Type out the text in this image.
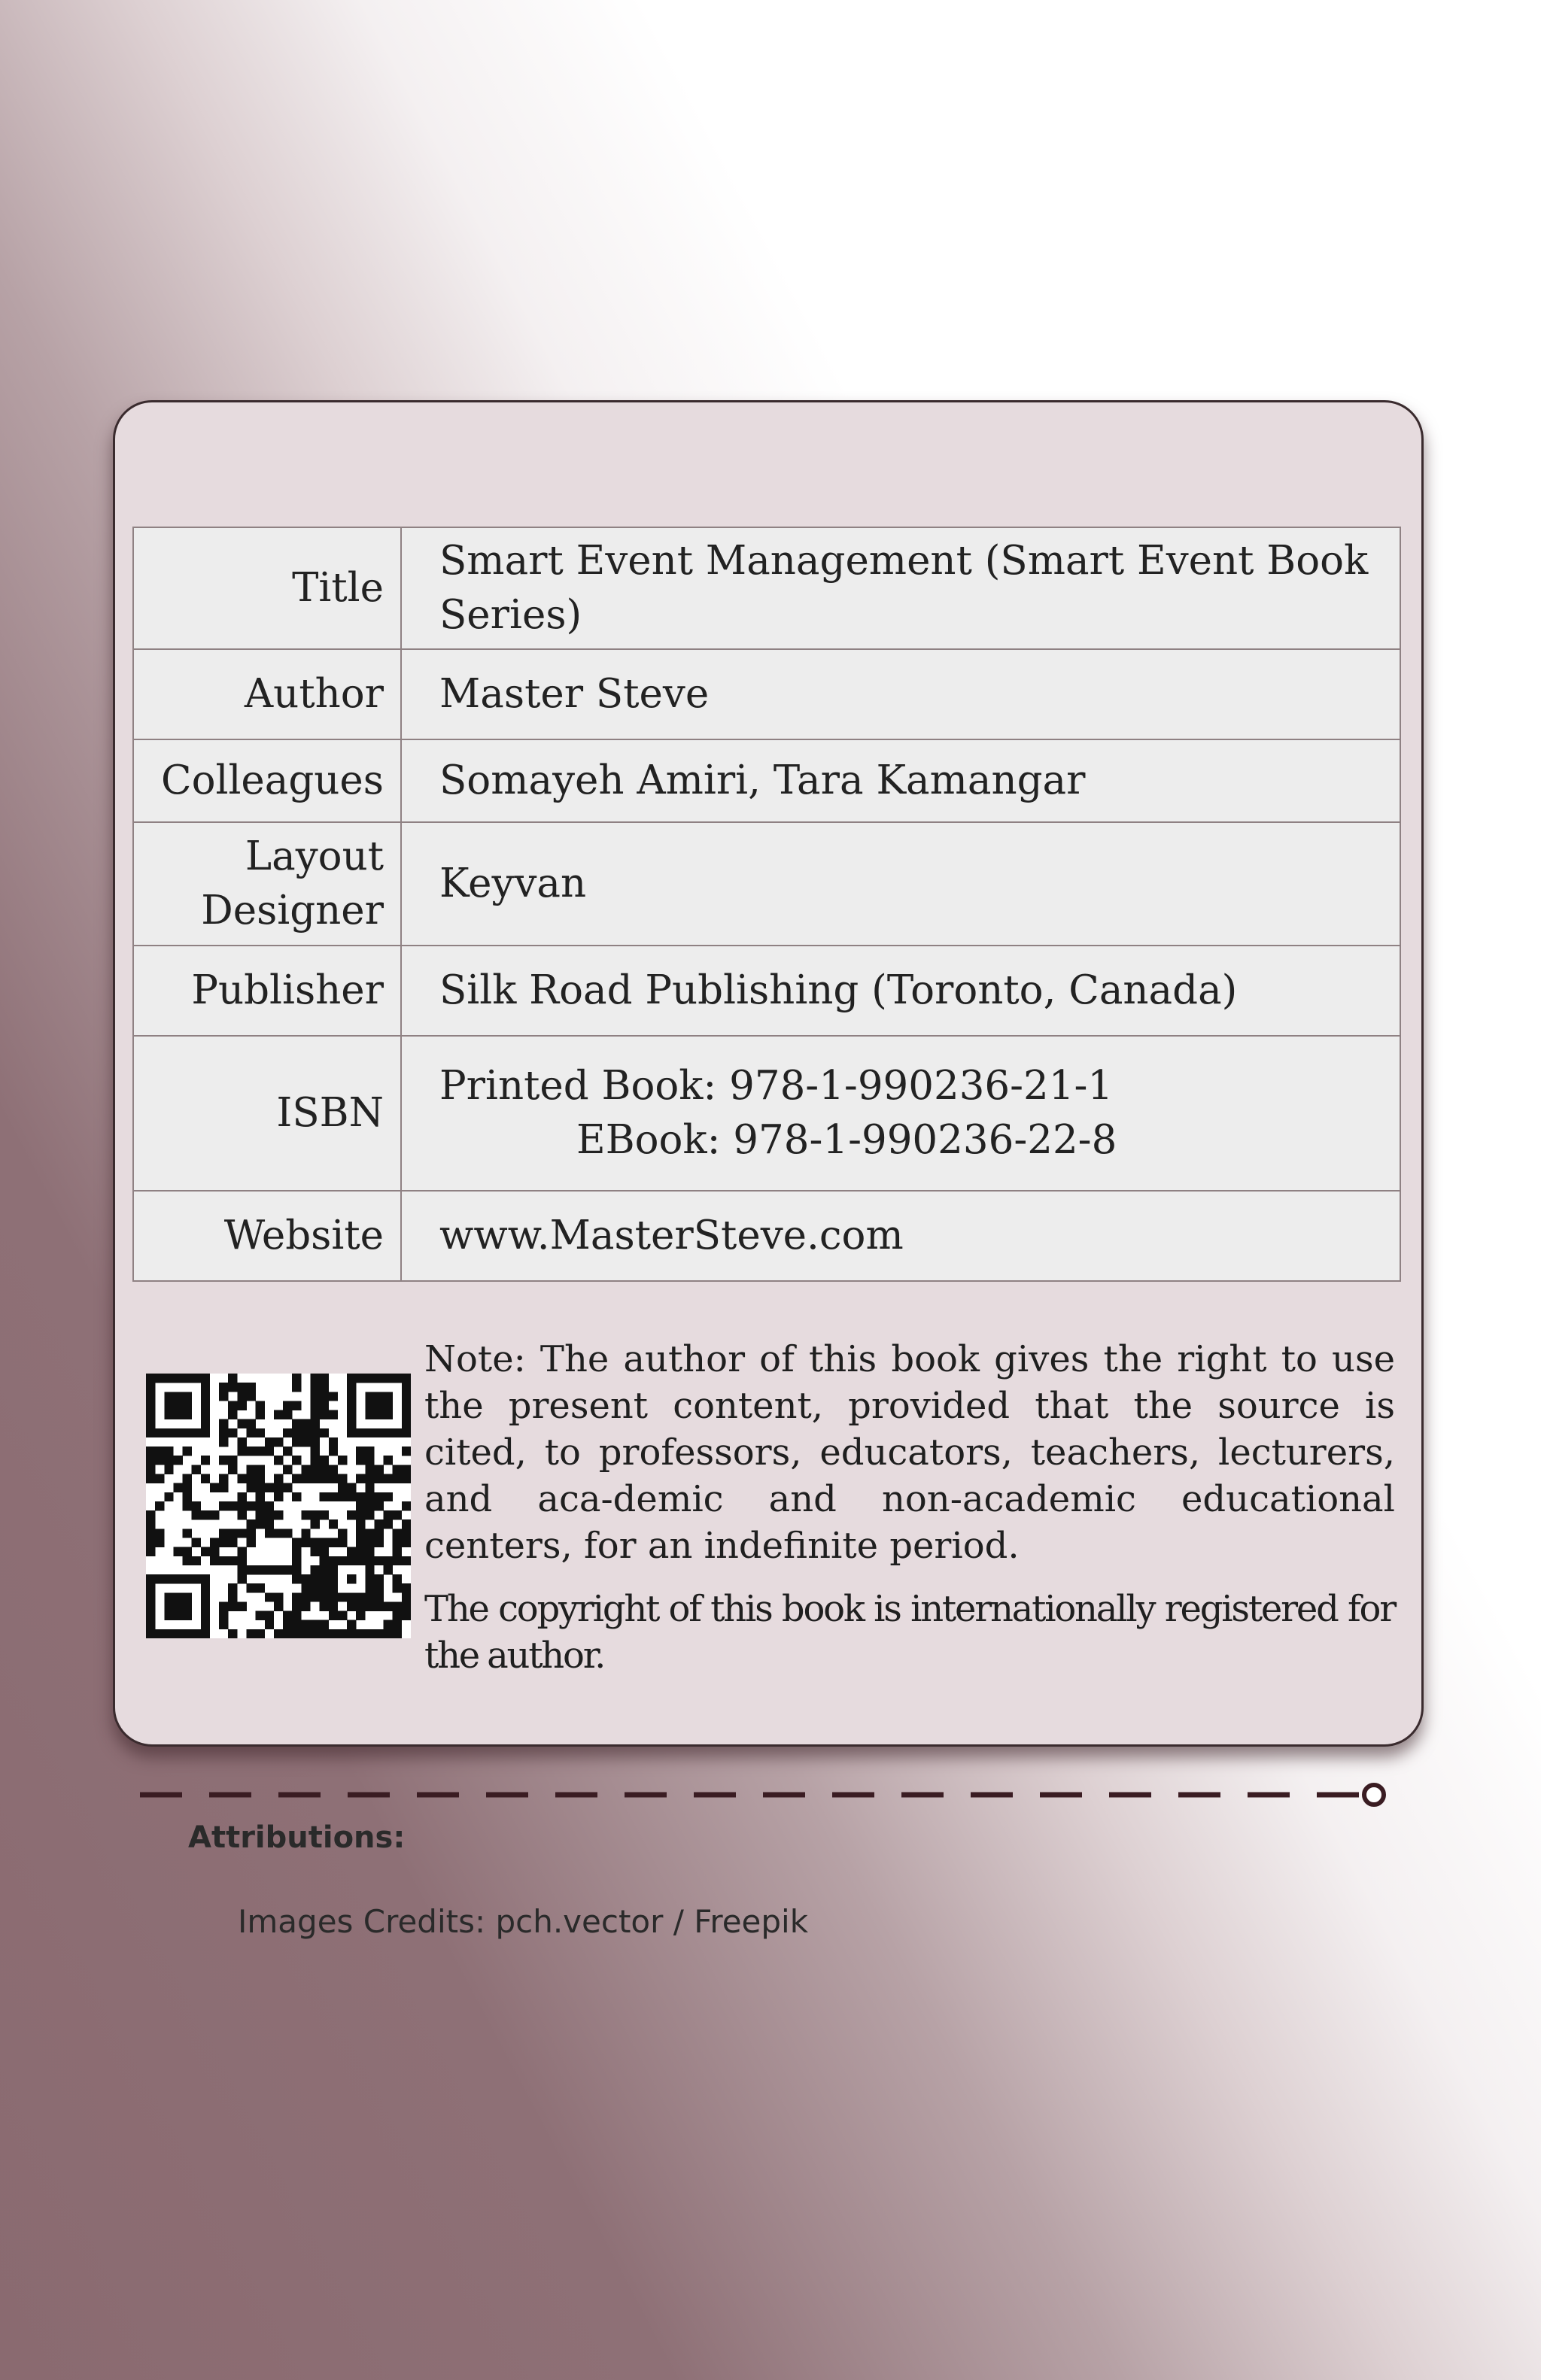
Title	Smart Event Management (Smart Event Book Series)
Author	Master Steve
Colleagues	Somayeh Amiri, Tara Kamangar
Layout Designer	Keyvan
Publisher	Silk Road Publishing (Toronto, Canada)
ISBN	Printed Book: 978-1-990236-21-1
EBook: 978-1-990236-22-8

Website	www.MasterSteve.com

Note: The author of this book gives the right to use the present content, provided that the source is cited, to professors, educators, teachers, lecturers, and aca-demic and non-academic educational centers, for an indefinite period.

The copyright of this book is internationally registered for the author.

Attributions:
Images Credits: pch.vector / Freepik
